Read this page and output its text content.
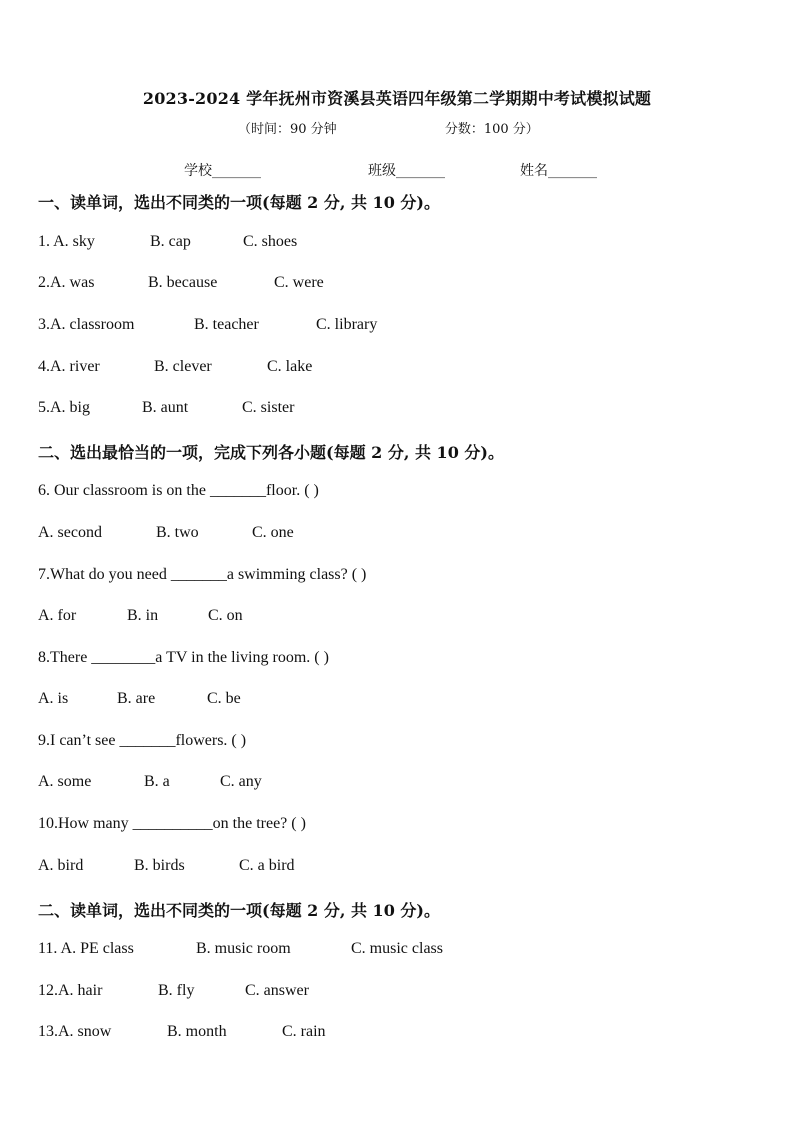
2023-2024 学年抚州市资溪县英语四年级第二学期期中考试模拟试题
（时间：90 分钟	分数：100 分）
学校_______	班级_______	姓名_______
一、读单词，选出不同类的一项(每题 2 分, 共 10 分)。
1. A. sky	B. cap	C. shoes
2.A. was	B. because	C. were
3.A. classroom	B. teacher	C. library
4.A. river	B. clever	C. lake
5.A. big	B. aunt	C. sister
二、选出最恰当的一项，完成下列各小题(每题 2 分, 共 10 分)。
6. Our classroom is on the _______floor. ( )
A. second	B. two	C. one
7.What do you need _______a swimming class? ( )
A. for	B. in	C. on
8.There ________a TV in the living room. ( )
A. is	B. are	C. be
9.I can’t see _______flowers. ( )
A. some	B. a	C. any
10.How many __________on the tree? ( )
A. bird	B. birds	C. a bird
二、读单词，选出不同类的一项(每题 2 分, 共 10 分)。
11. A. PE class	B. music room	C. music class
12.A. hair	B. fly	C. answer
13.A. snow	B. month	C. rain
